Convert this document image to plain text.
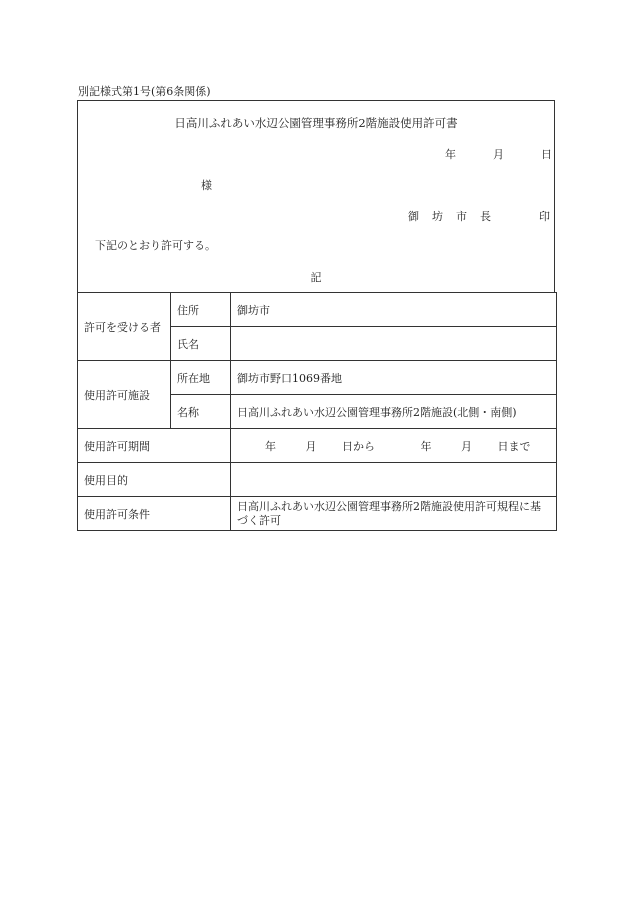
別記様式第1号(第6条関係)
日高川ふれあい水辺公園管理事務所2階施設使用許可書
年	月	日
様
御　坊　市　長	印
下記のとおり許可する。
記
許可を受ける者	住所	御坊市
	氏名	
使用許可施設	所在地	御坊市野口1069番地
	名称	日高川ふれあい水辺公園管理事務所2階施設(北側・南側)
使用許可期間		年 月 日から 年 月 日まで
使用目的		
使用許可条件		日高川ふれあい水辺公園管理事務所2階施設使用許可規程に基づく許可
